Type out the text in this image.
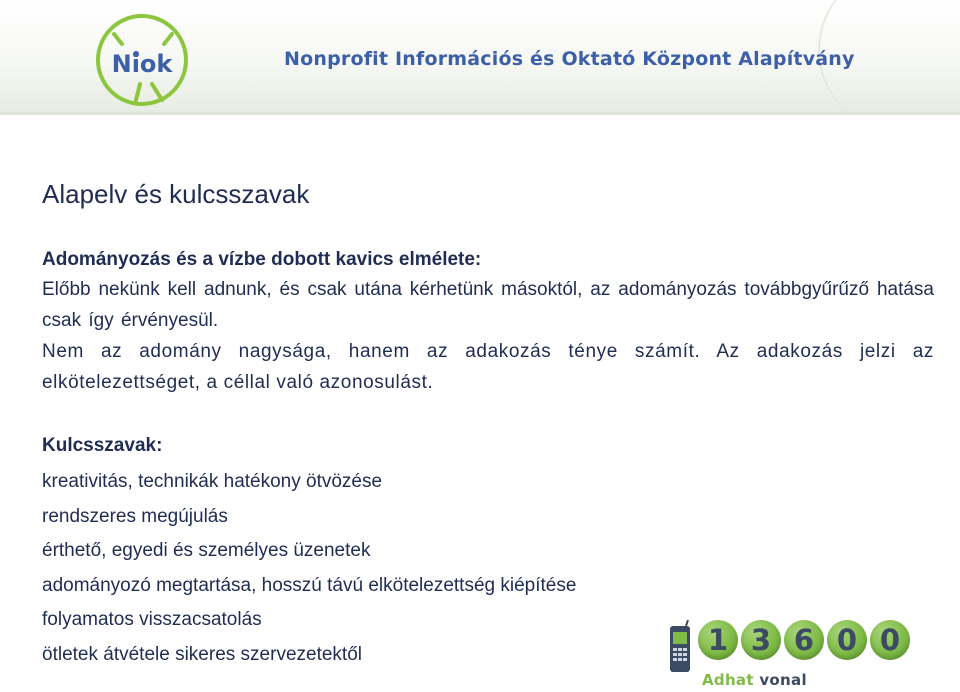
Niok	Nonprofit Információs és Oktató Központ Alapítvány
Alapelv és kulcsszavak

Adományozás és a vízbe dobott kavics elmélete:

Előbb nekünk kell adnunk, és csak utána kérhetünk másoktól, az adományozás továbbgyűrűző hatása csak így érvényesül.

Nem az adomány nagysága, hanem az adakozás ténye számít. Az adakozás jelzi az elkötelezettséget, a céllal való azonosulást.

Kulcsszavak:

kreativitás, technikák hatékony ötvözése
rendszeres megújulás
érthető, egyedi és személyes üzenetek
adományozó megtartása, hosszú távú elkötelezettség kiépítése
folyamatos visszacsatolás
ötletek átvétele sikeres szervezetektől	1 3 6 0 0
Adhat vonal
